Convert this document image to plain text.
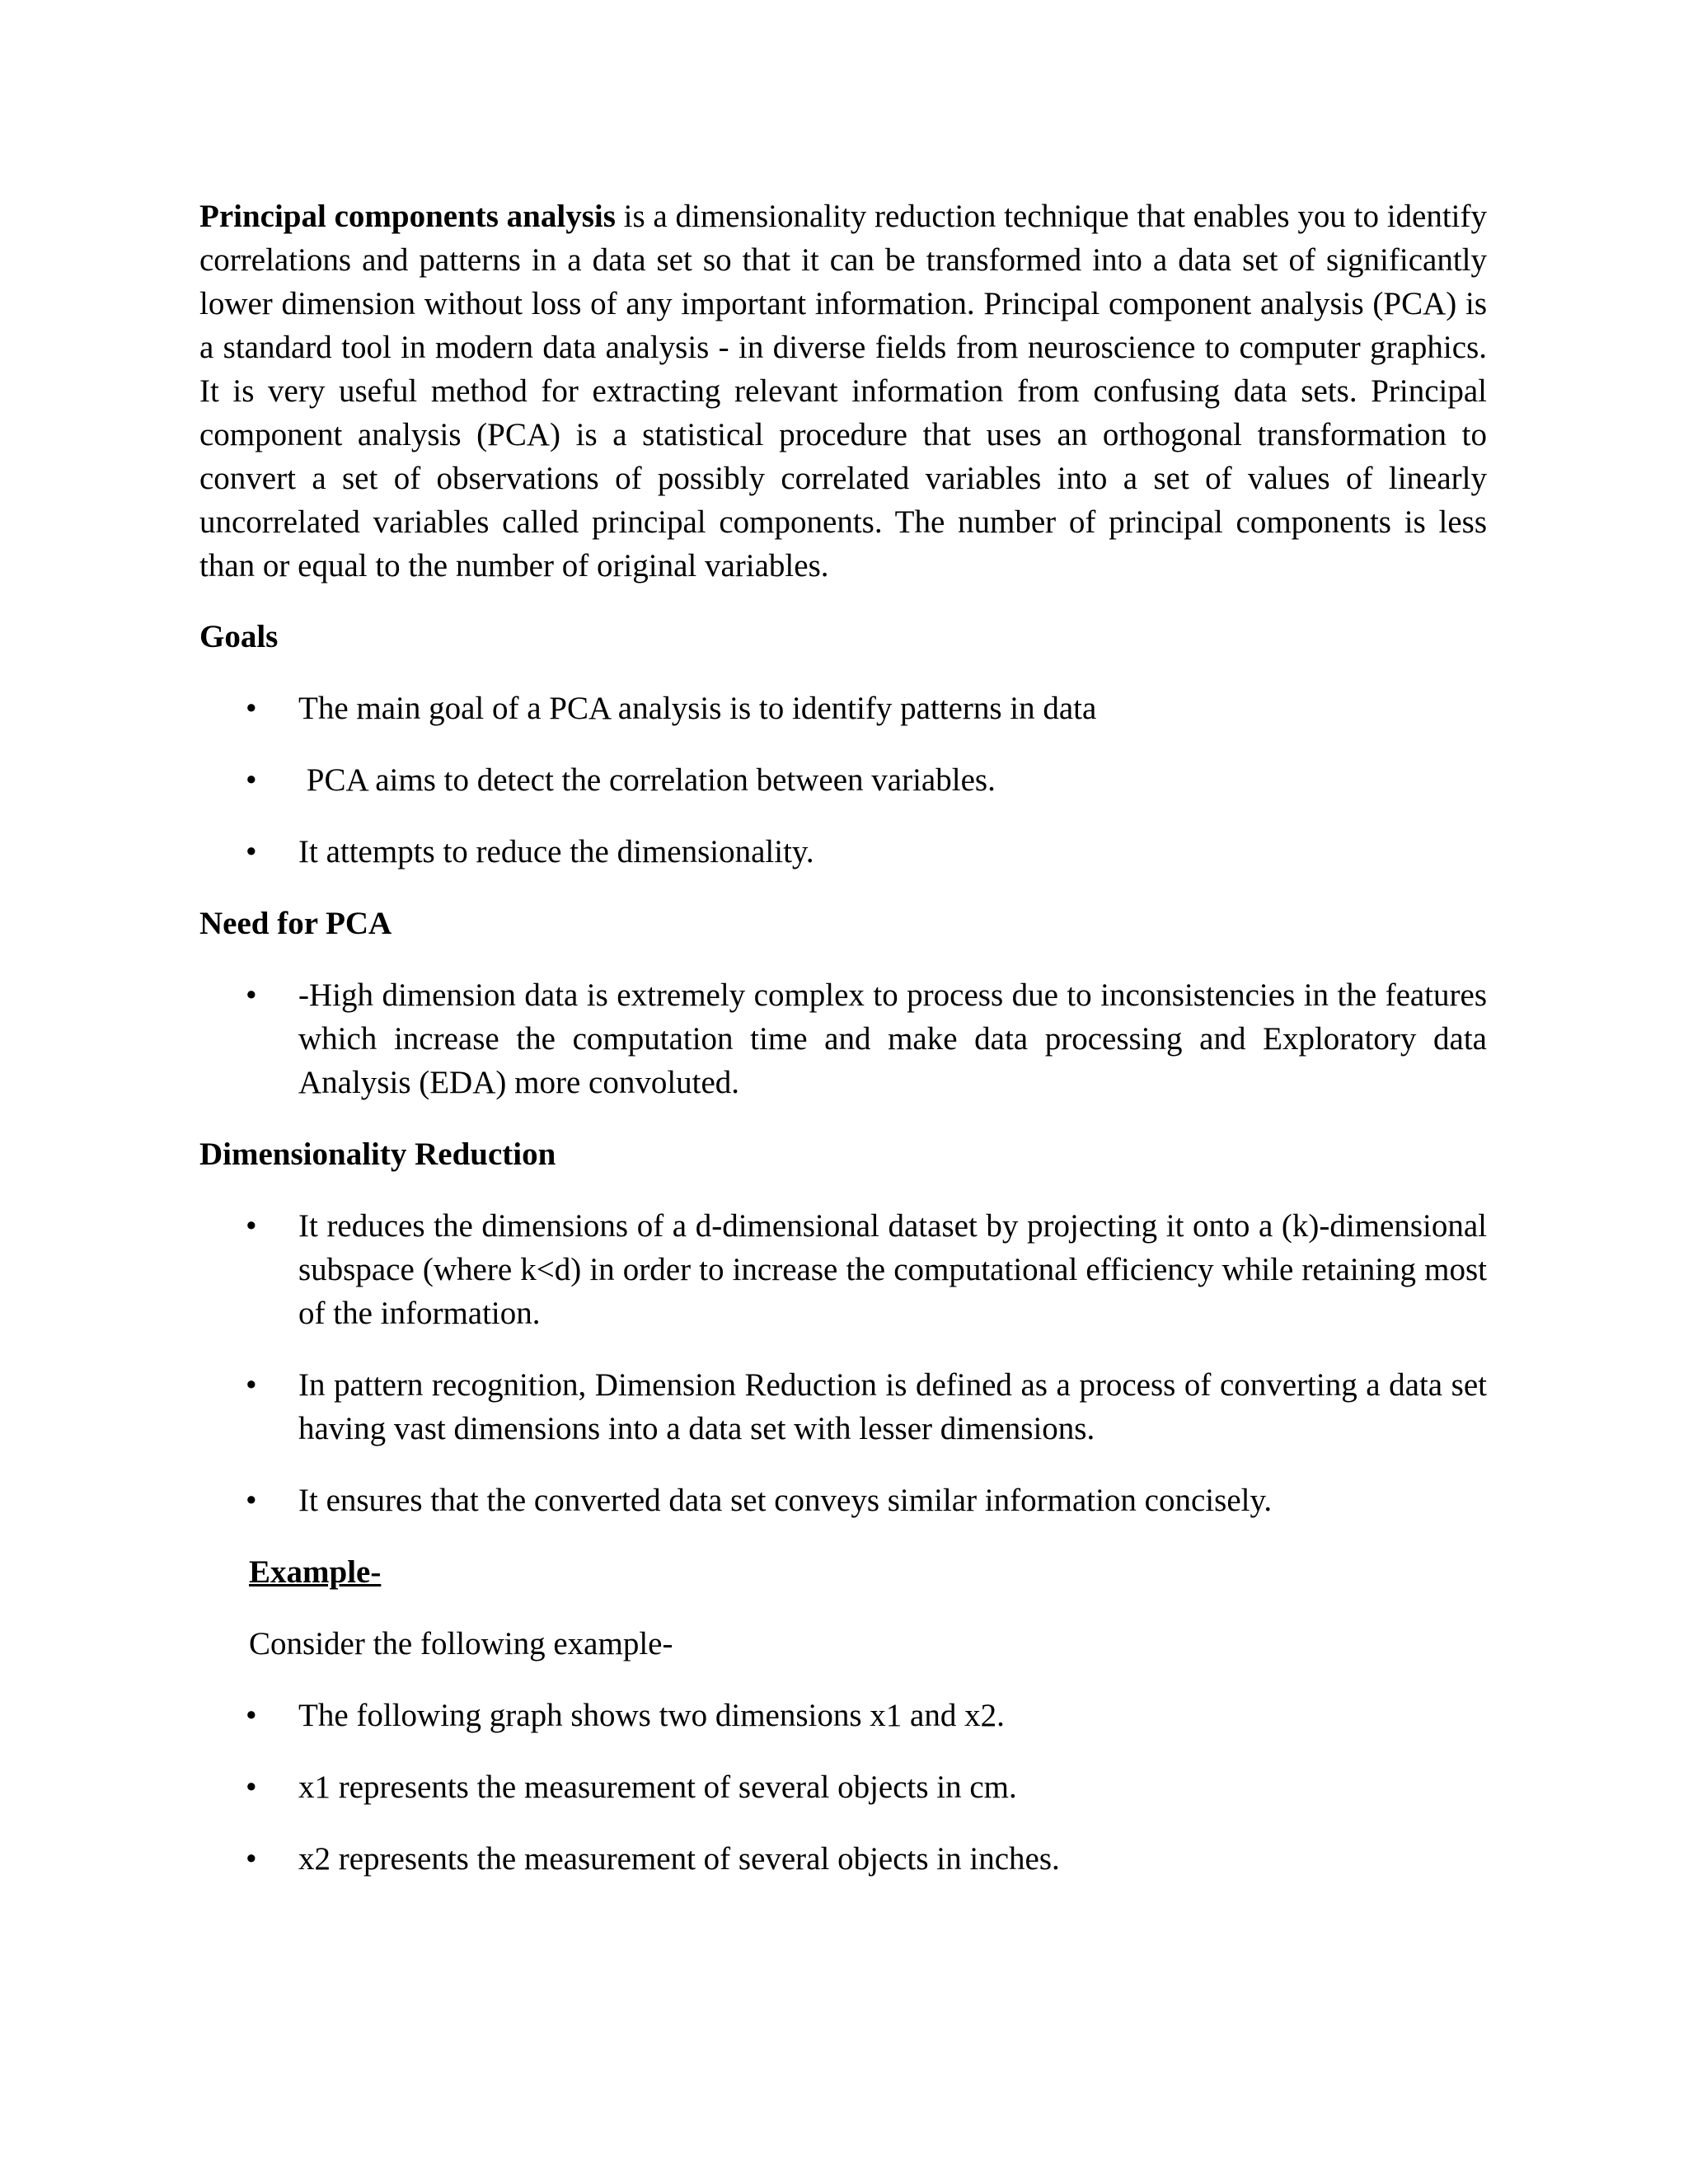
Principal components analysis is a dimensionality reduction technique that enables you to identify correlations and patterns in a data set so that it can be transformed into a data set of significantly lower dimension without loss of any important information. Principal component analysis (PCA) is a standard tool in modern data analysis - in diverse fields from neuroscience to computer graphics. It is very useful method for extracting relevant information from confusing data sets. Principal component analysis (PCA) is a statistical procedure that uses an orthogonal transformation to convert a set of observations of possibly correlated variables into a set of values of linearly uncorrelated variables called principal components. The number of principal components is less than or equal to the number of original variables.

Goals
•	The main goal of a PCA analysis is to identify patterns in data
•	PCA aims to detect the correlation between variables.
•	It attempts to reduce the dimensionality.
Need for PCA
•	-High dimension data is extremely complex to process due to inconsistencies in the features which increase the computation time and make data processing and Exploratory data Analysis (EDA) more convoluted.
Dimensionality Reduction
•	It reduces the dimensions of a d-dimensional dataset by projecting it onto a (k)-dimensional subspace (where k<d) in order to increase the computational efficiency while retaining most of the information.
•	In pattern recognition, Dimension Reduction is defined as a process of converting a data set having vast dimensions into a data set with lesser dimensions.
•	It ensures that the converted data set conveys similar information concisely.

Example-

Consider the following example-

•	The following graph shows two dimensions x1 and x2.
•	x1 represents the measurement of several objects in cm.
•	x2 represents the measurement of several objects in inches.
